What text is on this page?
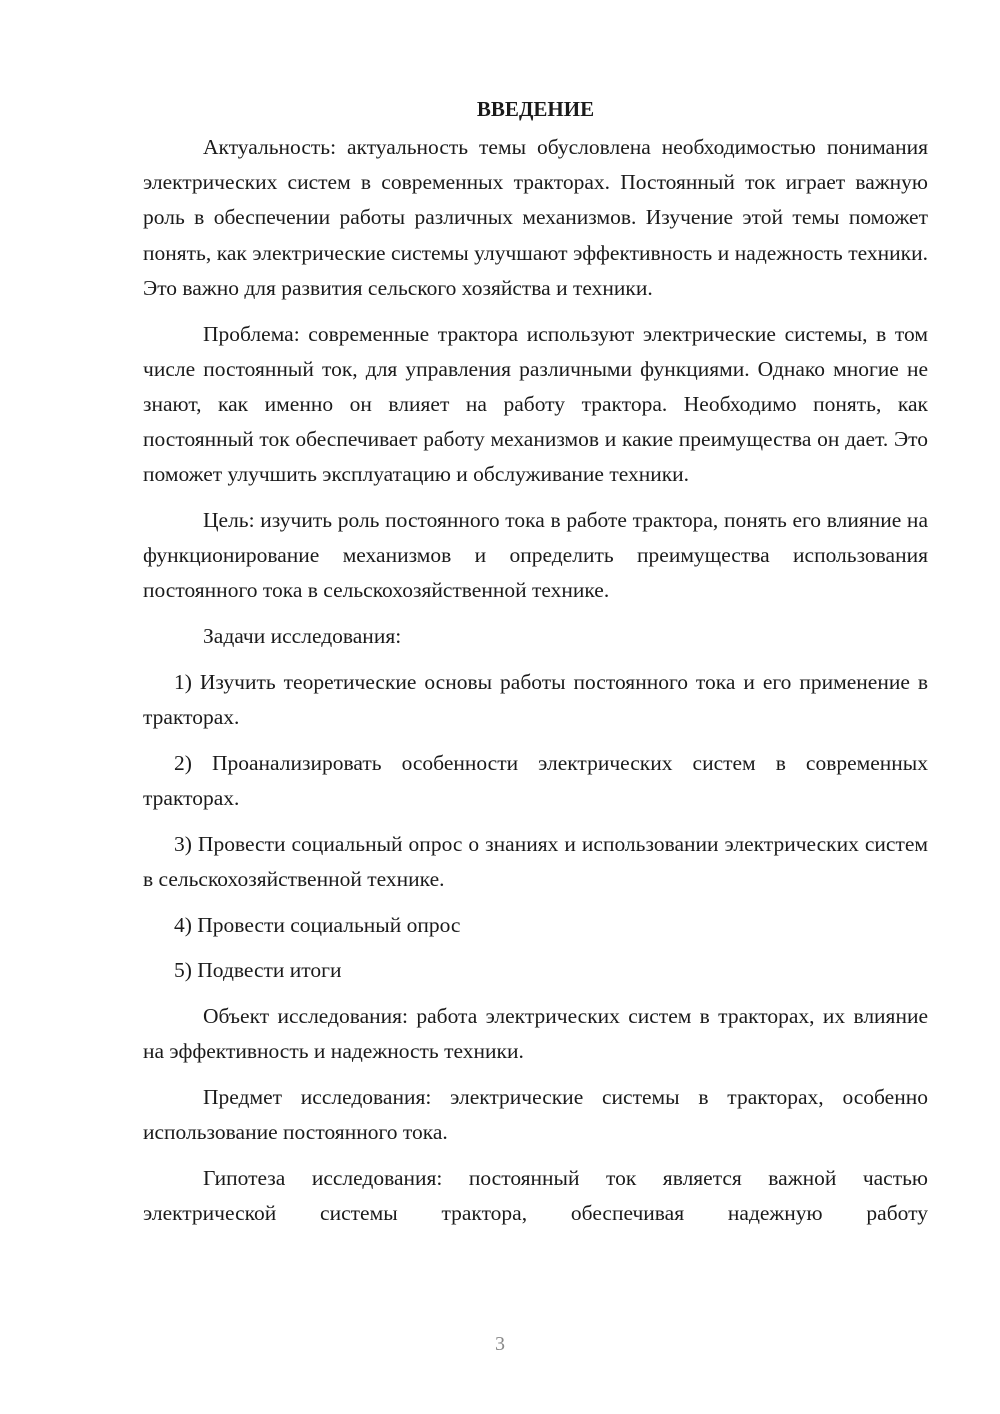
ВВЕДЕНИЕ

Актуальность: актуальность темы обусловлена необходимостью понимания электрических систем в современных тракторах. Постоянный ток играет важную роль в обеспечении работы различных механизмов. Изучение этой темы поможет понять, как электрические системы улучшают эффективность и надежность техники. Это важно для развития сельского хозяйства и техники.

Проблема: современные трактора используют электрические системы, в том числе постоянный ток, для управления различными функциями. Однако многие не знают, как именно он влияет на работу трактора. Необходимо понять, как постоянный ток обеспечивает работу механизмов и какие преимущества он дает. Это поможет улучшить эксплуатацию и обслуживание техники.

Цель: изучить роль постоянного тока в работе трактора, понять его влияние на функционирование механизмов и определить преимущества использования постоянного тока в сельскохозяйственной технике.

Задачи исследования:

1) Изучить теоретические основы работы постоянного тока и его применение в тракторах.

2) Проанализировать особенности электрических систем в современных тракторах.

3) Провести социальный опрос о знаниях и использовании электрических систем в сельскохозяйственной технике.

4) Провести социальный опрос

5) Подвести итоги

Объект исследования: работа электрических систем в тракторах, их влияние на эффективность и надежность техники.

Предмет исследования: электрические системы в тракторах, особенно использование постоянного тока.

Гипотеза исследования: постоянный ток является важной частью электрической системы трактора, обеспечивая надежную работу

3
